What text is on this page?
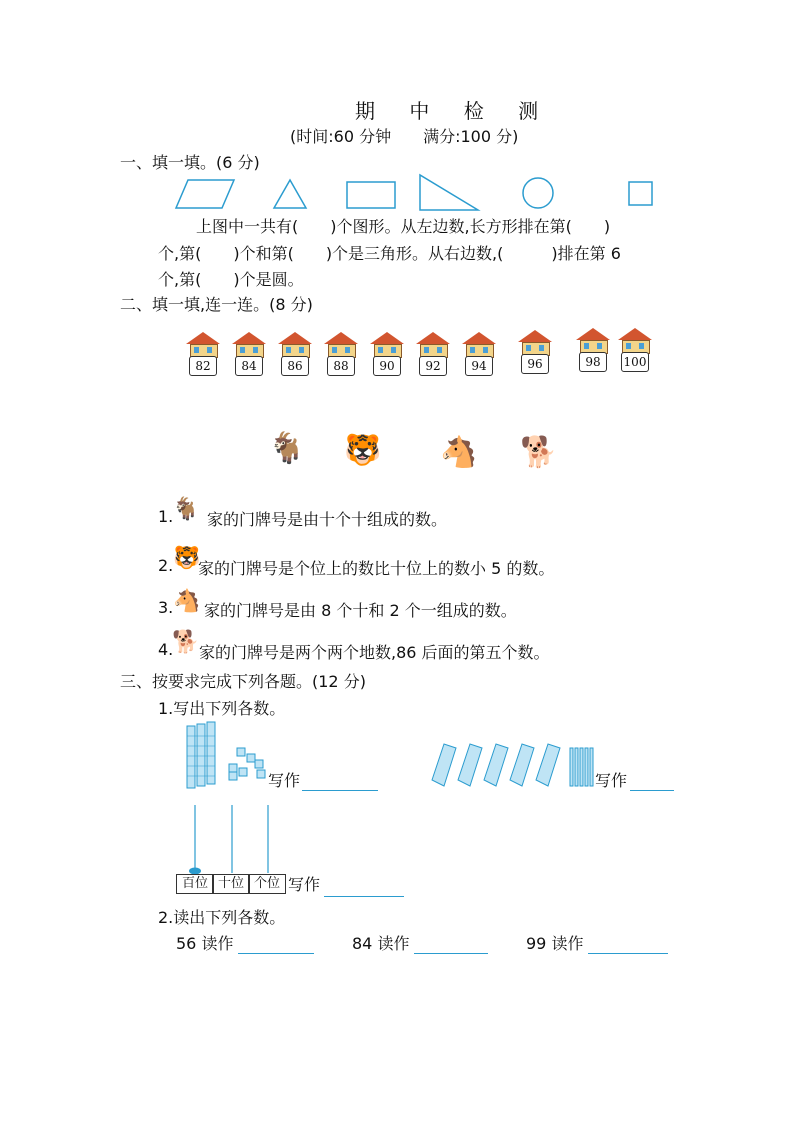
期 中 检 测
(时间:60 分钟　　满分:100 分)
一、填一填。(6 分)
上图中一共有(　　)个图形。从左边数,长方形排在第(　　)
个,第(　　)个和第(　　)个是三角形。从右边数,(　　　)排在第 6
个,第(　　)个是圆。
二、填一填,连一连。(8 分)
82	84	86	88	90	92	94	96	98	100
🐐 🐯 🐴 🐕
1.
🐐 家的门牌号是由十个十组成的数。
2. 🐯
家的门牌号是个位上的数比十位上的数小 5 的数。
3. 🐴 家的门牌号是由 8 个十和 2 个一组成的数。
4.
🐕 家的门牌号是两个两个地数,86 后面的第五个数。
三、按要求完成下列各题。(12 分)
1.写出下列各数。
写作	写作
百位 十位 个位 写作
2.读出下列各数。
56 读作	84 读作	99 读作
